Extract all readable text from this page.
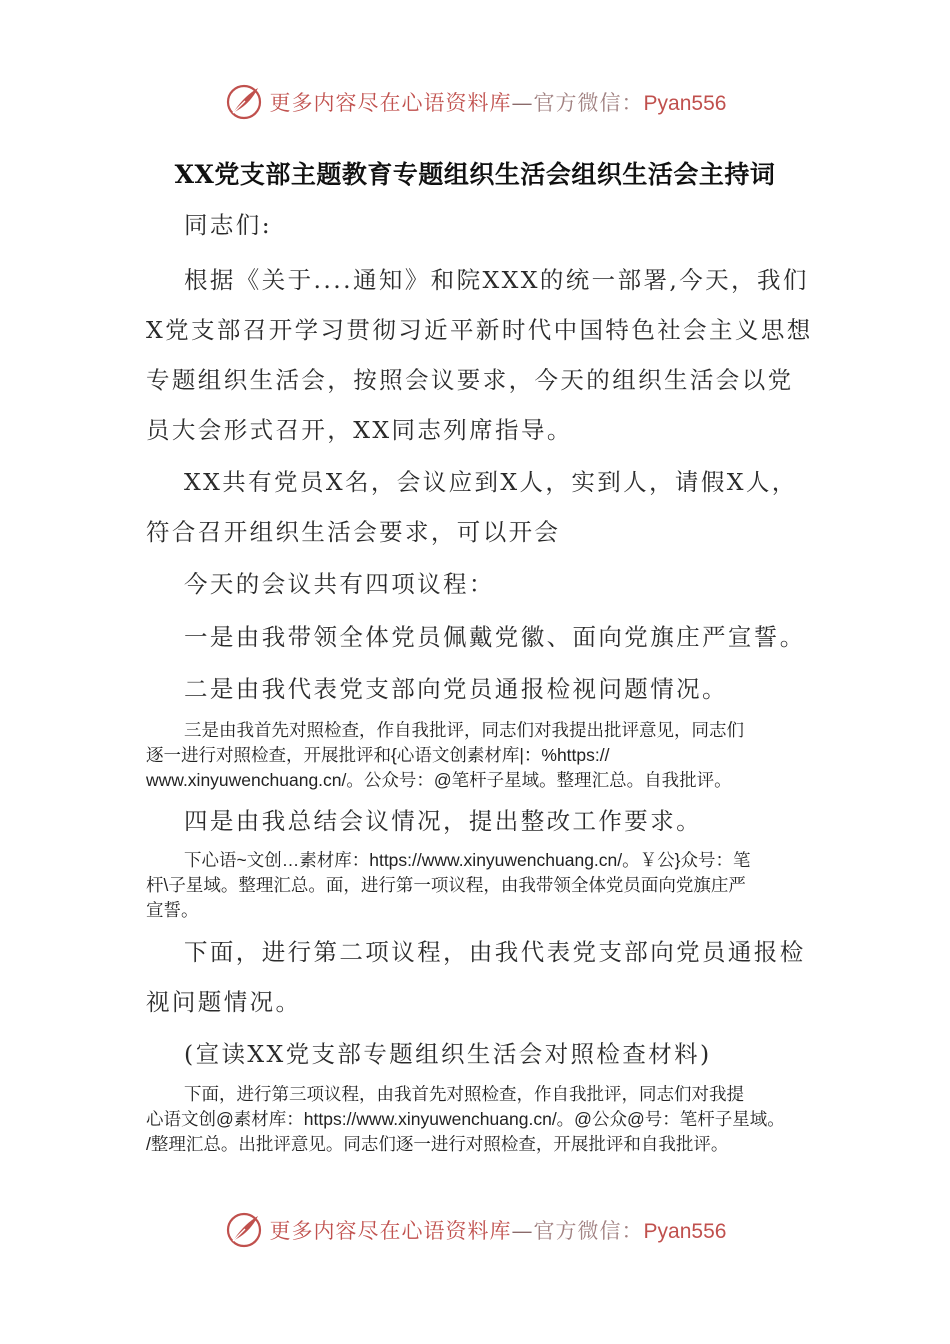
更多内容尽在心语资料库—官方微信：Pyan556
XX党支部主题教育专题组织生活会组织生活会主持词
同志们:
根据《关于....通知》和院XXX的统一部署,今天，我们
X党支部召开学习贯彻习近平新时代中国特色社会主义思想
专题组织生活会，按照会议要求，今天的组织生活会以党
员大会形式召开，XX同志列席指导。
XX共有党员X名，会议应到X人，实到人，请假X人，
符合召开组织生活会要求，可以开会
今天的会议共有四项议程：
一是由我带领全体党员佩戴党徽、面向党旗庄严宣誓。
二是由我代表党支部向党员通报检视问题情况。
三是由我首先对照检查，作自我批评，同志们对我提出批评意见，同志们
逐一进行对照检查，开展批评和{心语文创素材库|：%https://
www.xinyuwenchuang.cn/。公众号：@笔杆子星域。整理汇总。自我批评。
四是由我总结会议情况，提出整改工作要求。
下心语~文创…素材库：https://www.xinyuwenchuang.cn/。￥公}众号：笔
杆\子星域。整理汇总。面，进行第一项议程，由我带领全体党员面向党旗庄严
宣誓。
下面，进行第二项议程，由我代表党支部向党员通报检
视问题情况。
(宣读XX党支部专题组织生活会对照检查材料)
下面，进行第三项议程，由我首先对照检查，作自我批评，同志们对我提
心语文创@素材库：https://www.xinyuwenchuang.cn/。@公众@号：笔杆子星域。
/整理汇总。出批评意见。同志们逐一进行对照检查，开展批评和自我批评。
更多内容尽在心语资料库—官方微信：Pyan556
